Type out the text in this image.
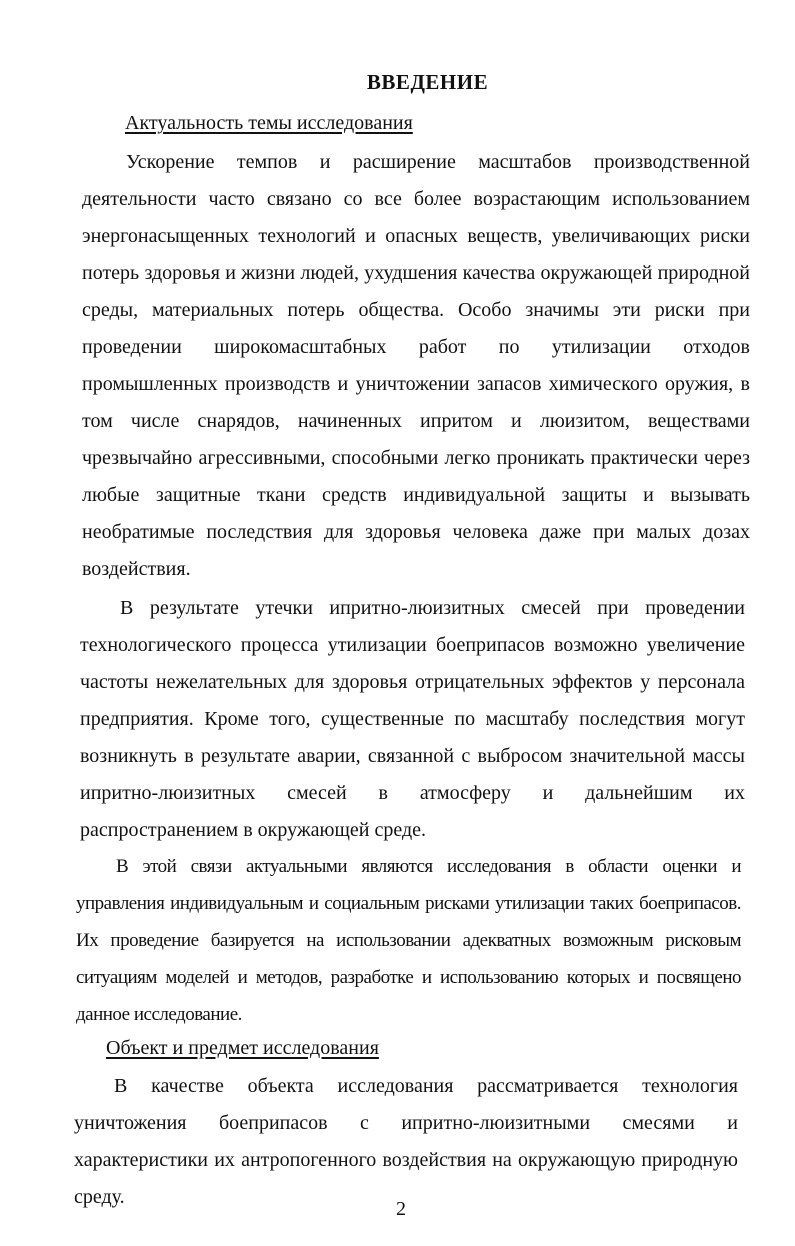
ВВЕДЕНИЕ
Актуальность темы исследования

Ускорение темпов и расширение масштабов производственной деятельности часто связано со все более возрастающим использованием энергонасыщенных технологий и опасных веществ, увеличивающих риски потерь здоровья и жизни людей, ухудшения качества окружающей природной среды, материальных потерь общества. Особо значимы эти риски при проведении широкомасштабных работ по утилизации отходов промышленных производств и уничтожении запасов химического оружия, в том числе снарядов, начиненных ипритом и люизитом, веществами чрезвычайно агрессивными, способными легко проникать практически через любые защитные ткани средств индивидуальной защиты и вызывать необратимые последствия для здоровья человека даже при малых дозах воздействия.

В результате утечки ипритно-люизитных смесей при проведении технологического процесса утилизации боеприпасов возможно увеличение частоты нежелательных для здоровья отрицательных эффектов у персонала предприятия. Кроме того, существенные по масштабу последствия могут возникнуть в результате аварии, связанной с выбросом значительной массы ипритно-люизитных смесей в атмосферу и дальнейшим их распространением в окружающей среде.

В этой связи актуальными являются исследования в области оценки и управления индивидуальным и социальным рисками утилизации таких боеприпасов. Их проведение базируется на использовании адекватных возможным рисковым ситуациям моделей и методов, разработке и использованию которых и посвящено данное исследование.

Объект и предмет исследования

В качестве объекта исследования рассматривается технология уничтожения боеприпасов с ипритно-люизитными смесями и характеристики их антропогенного воздействия на окружающую природную среду.

2
